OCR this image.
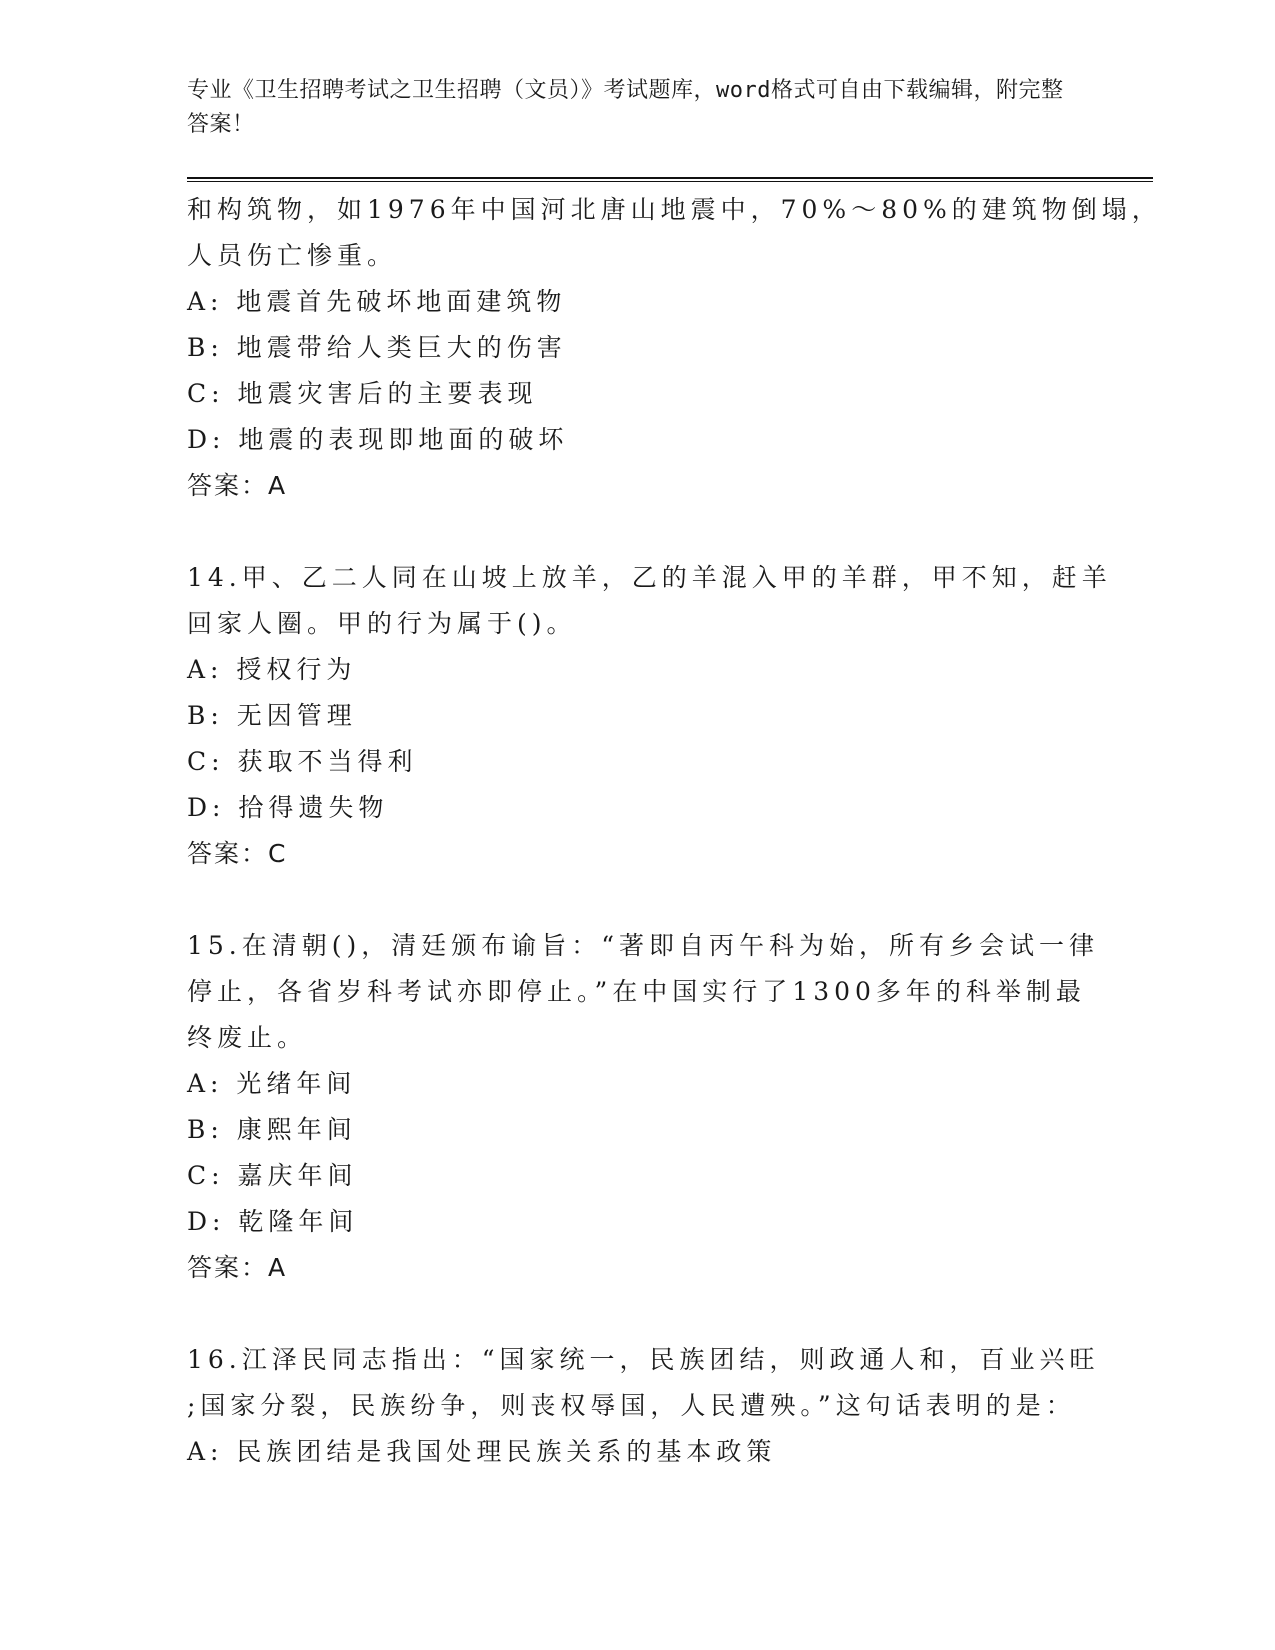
专业《卫生招聘考试之卫生招聘（文员）》考试题库，word格式可自由下载编辑，附完整答案！

和构筑物，如1976年中国河北唐山地震中，70%～80%的建筑物倒塌，

人员伤亡惨重。

A: 地震首先破坏地面建筑物

B: 地震带给人类巨大的伤害

C: 地震灾害后的主要表现

D: 地震的表现即地面的破坏

答案：A

14.甲、乙二人同在山坡上放羊，乙的羊混入甲的羊群，甲不知，赶羊

回家人圈。甲的行为属于()。

A: 授权行为

B: 无因管理

C: 获取不当得利

D: 拾得遗失物

答案：C

15.在清朝()，清廷颁布谕旨：“著即自丙午科为始，所有乡会试一律

停止，各省岁科考试亦即停止。”在中国实行了1300多年的科举制最

终废止。

A: 光绪年间

B: 康熙年间

C: 嘉庆年间

D: 乾隆年间

答案：A

16.江泽民同志指出：“国家统一，民族团结，则政通人和，百业兴旺

;国家分裂，民族纷争，则丧权辱国，人民遭殃。”这句话表明的是：

A: 民族团结是我国处理民族关系的基本政策
